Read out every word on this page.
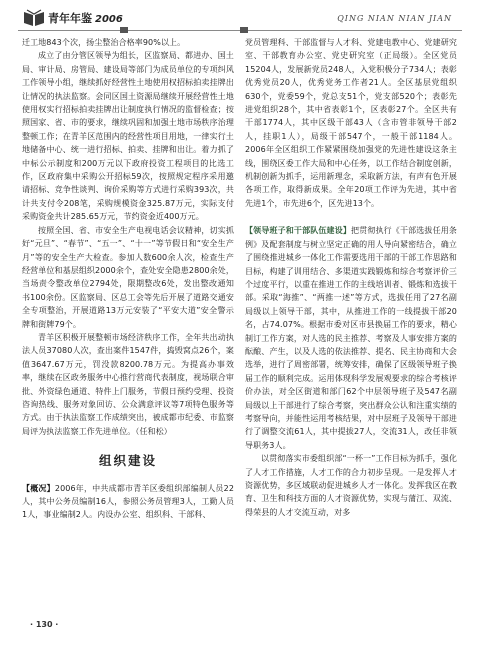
青年年鉴 2006	QING NIAN NIAN JIAN

迁工地843个次，扬尘整治合格率90%以上。

成立了由分管区领导为组长，区监察局、都进办、国土局、审计局、房管局、建设局等部门为成员单位的专项纠风工作领导小组，继续抓好经营性土地使用权招标拍卖挂牌出让情况的执法监察。会同区国土资源局继续开展经营性土地使用权实行招标拍卖挂牌出让制度执行情况的监督检查；按照国家、省、市的要求，继续巩固和加强土地市场秩序治理整顿工作；在青羊区范围内的经营性项目用地，一律实行土地储备中心、统一进行招标、拍卖、挂牌和出让。着力抓了中标公示制度和200万元以下政府投资工程项目的比选工作，区政府集中采购公开招标59次，按照规定程序采用邀请招标、竞争性谈判、询价采购等方式进行采购393次，共计共支付令208笔，采购规模资金325.87万元，实际支付采购资金共计285.65万元，节约资金近400万元。

按照全国、省、市安全生产电视电话会议精神，切实抓好“元旦”、“春节”、“五一”、“十一”等节假日和“安全生产月”等的安全生产大检查。参加人数600余人次，检查生产经营单位和基层组织2000余个，查处安全隐患2800余处，当场责令整改单位2794处，限期整改6处，发出整改通知书100余份。区监察局、区总工会等先后开展了道路交通安全专项整治，开展道路13万元安装了“平安大道”安全警示牌和街牌79个。

青羊区积极开展整顿市场经济秩序工作，全年共出动执法人员37080人次，查出案件1547件，捣毁窝点26个，案值3647.67万元，罚没款8200.78万元。为提高办事效率，继续在区政务服务中心推行营商代表制度，视场联合审批、外资绿色通道、特件上门服务，节假日预约受理、投资咨询热线、服务对象回访、公众满意评议等7项特色服务等方式。由于执法监察工作成绩突出，被成都市纪委、市监察局评为执法监察工作先进单位。（任和松）

组织建设

【概况】2006年，中共成都市青羊区委组织部编制人员22人，其中公务员编制16人，参照公务员管理3人，工勤人员1人，事业编制2人。内设办公室、组织科、干部科、

党员管理科、干部监督与人才科、党建电教中心、党建研究室、干部教育办公室、党史研究室（正局级）。全区党员15204人，发展新党员248人，入党积极分子734人；表彰优秀党员20人，优秀党务工作者21人。全区基层党组织630个，党委59个，党总支51个，党支部520个；表彰先进党组织28个，其中省表彰1个，区表彰27个。全区共有干部1774人，其中区级干部43人（含市管非领导干部2人，挂职1人），局级干部547个，一般干部1184人。2006年全区组织工作紧紧围绕加强党的先进性建设这条主线，围绕区委工作大局和中心任务，以工作结合制度创新，机制创新为抓手，运用新理念，采取新方法，有声有色开展各项工作，取得新成果。全年20项工作评为先进，其中省先进1个，市先进6个，区先进13个。

【领导班子和干部队伍建设】把贯彻执行《干部选拔任用条例》及配套制度与树立坚定正确的用人导向紧密结合，确立了围绕推进城乡一体化工作需要选用干部的干部工作思路和目标，构建了训用结合、多渠道实践锻炼和综合考察评价三个过度平行，以重在推进工作的主线培训者、锻炼和选拔干部。采取“海推”、“两推一述”等方式，选拔任用了27名副局级以上领导干部，其中，从推进工作的一线提拔干部20名，占74.07%。根据市委对区市县换届工作的要求，精心制订工作方案，对人选的民主推荐、考察及人事安排方案的酝酿、产生，以及人选的依法推荐、提名、民主协商和大会选举，进行了周密部署，统筹安排，确保了区级领导班子换届工作的顺利完成。运用体现科学发展观要求的综合考核评价办法，对全区街道和部门62个中层领导班子及547名副局级以上干部进行了综合考察，突出群众公认和注重实绩的考察导向，并能性运用考核结果，对中层班子及领导干部进行了调整交流61人，其中提拔27人，交流31人，改任非领导职务3人。

以贯彻落实市委组织部“一杯一”工作目标为抓手，强化了人才工作措施，人才工作的合力初步呈现。一是发挥人才资源优势，多区域联动促进城乡人才一体化。发挥我区在教育、卫生和科技方面的人才资源优势，实现与蒲江、双流、得荣县的人才交流互动，对多

· 130 ·
